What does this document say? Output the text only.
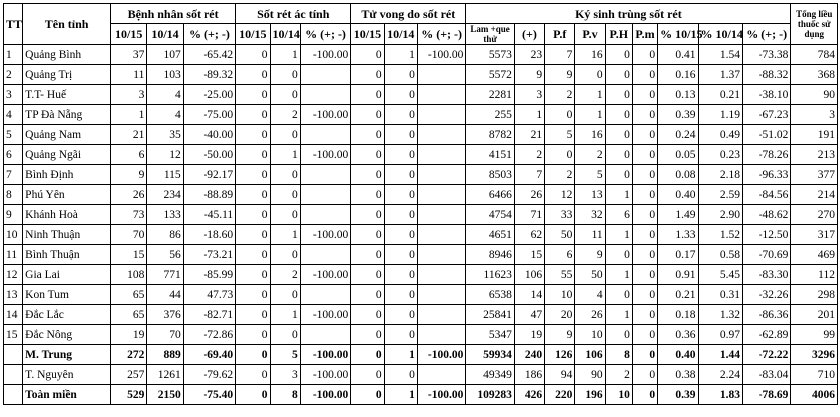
TT	Tên tỉnh	Bệnh nhân sốt rét			Sốt rét ác tính			Tử vong do sốt rét			Ký sinh trùng sốt rét									Tổng liều thuốc sử dụng
		10/15	10/14	% (+; -)	10/15	10/14	% (+; -)	10/15	10/14	% (+; -)	Lam +que thử	(+)	P.f	P.v	P.H	P.m	% 10/15	% 10/14	% (+; -)	
1	Quảng Bình	37	107	-65.42	0	1	-100.00	0	1	-100.00	5573	23	7	16	0	0	0.41	1.54	-73.38	784
2	Quảng Trị	11	103	-89.32	0	0		0	0		5572	9	9	0	0	0	0.16	1.37	-88.32	368
3	T.T- Huế	3	4	-25.00	0	0		0	0		2281	3	2	1	0	0	0.13	0.21	-38.10	90
4	TP Đà Nẵng	1	4	-75.00	0	2	-100.00	0	0		255	1	0	1	0	0	0.39	1.19	-67.23	3
5	Quảng Nam	21	35	-40.00	0	0		0	0		8782	21	5	16	0	0	0.24	0.49	-51.02	191
6	Quảng Ngãi	6	12	-50.00	0	1	-100.00	0	0		4151	2	0	2	0	0	0.05	0.23	-78.26	213
7	Bình Định	9	115	-92.17	0	0		0	0		8503	7	2	5	0	0	0.08	2.18	-96.33	377
8	Phú Yên	26	234	-88.89	0	0		0	0		6466	26	12	13	1	0	0.40	2.59	-84.56	214
9	Khánh Hoà	73	133	-45.11	0	0		0	0		4754	71	33	32	6	0	1.49	2.90	-48.62	270
10	Ninh Thuận	70	86	-18.60	0	1	-100.00	0	0		4651	62	50	11	1	0	1.33	1.52	-12.50	317
11	Bình Thuận	15	56	-73.21	0	0		0	0		8946	15	6	9	0	0	0.17	0.58	-70.69	469
12	Gia Lai	108	771	-85.99	0	2	-100.00	0	0		11623	106	55	50	1	0	0.91	5.45	-83.30	112
13	Kon Tum	65	44	47.73	0	0		0	0		6538	14	10	4	0	0	0.21	0.31	-32.26	298
14	Đắc Lắc	65	376	-82.71	0	1	-100.00	0	0		25841	47	20	26	1	0	0.18	1.32	-86.36	201
15	Đắc Nông	19	70	-72.86	0	0		0	0		5347	19	9	10	0	0	0.36	0.97	-62.89	99
	M. Trung	272	889	-69.40	0	5	-100.00	0	1	-100.00	59934	240	126	106	8	0	0.40	1.44	-72.22	3296
	T. Nguyên	257	1261	-79.62	0	3	-100.00	0	0		49349	186	94	90	2	0	0.38	2.24	-83.04	710
	Toàn miền	529	2150	-75.40	0	8	-100.00	0	1	-100.00	109283	426	220	196	10	0	0.39	1.83	-78.69	4006
